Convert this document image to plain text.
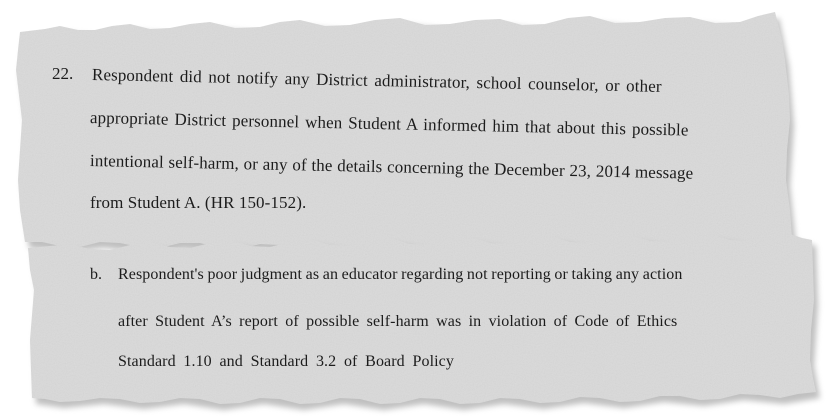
22. Respondent did not notify any District administrator, school counselor, or other
appropriate District personnel when Student A informed him that about this possible
intentional self-harm, or any of the details concerning the December 23, 2014 message
from Student A. (HR 150-152).
b. Respondent's poor judgment as an educator regarding not reporting or taking any action
after Student A’s report of possible self-harm was in violation of Code of Ethics
Standard 1.10 and Standard 3.2 of Board Policy
